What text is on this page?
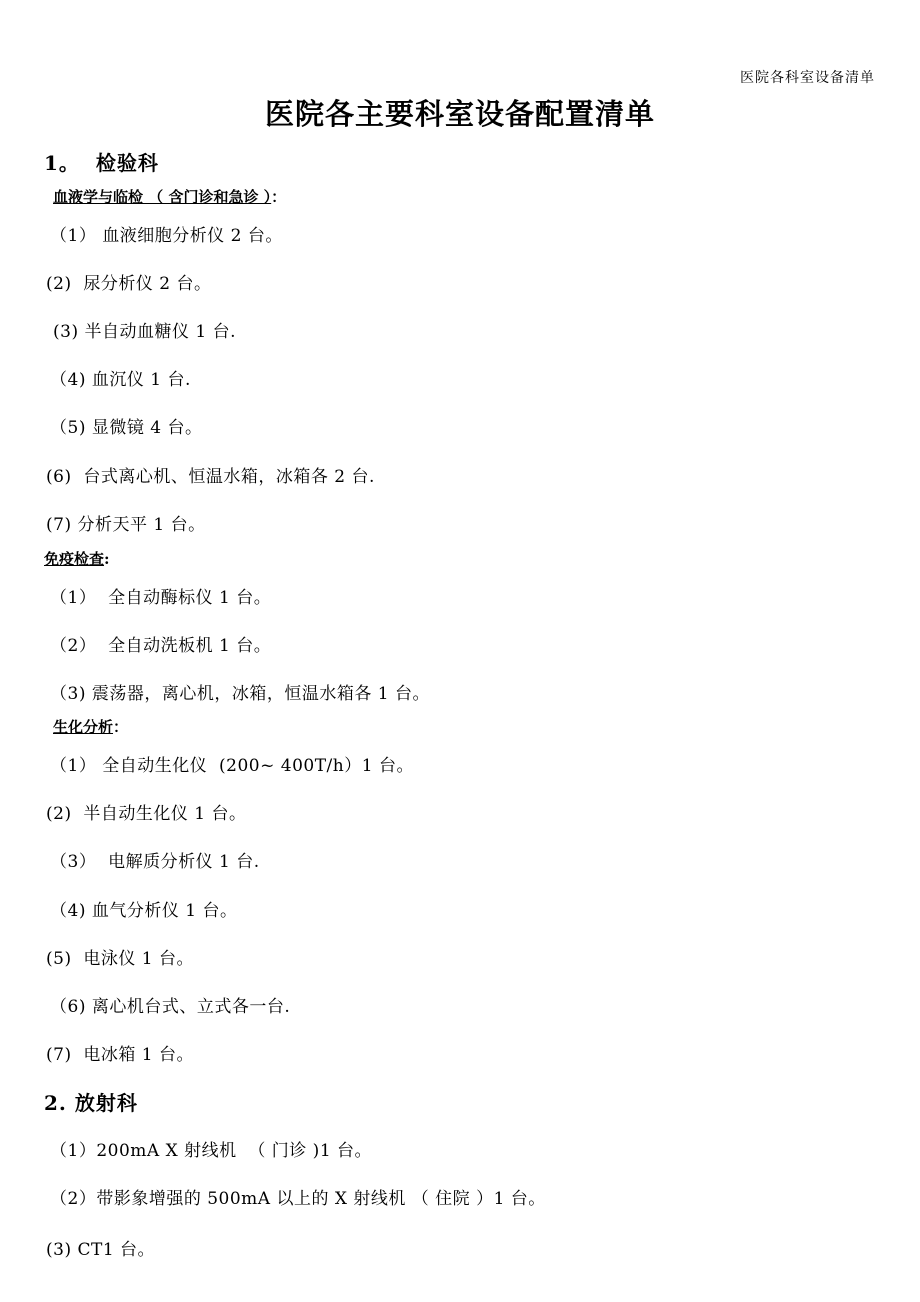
医院各科室设备清单
医院各主要科室设备配置清单
1。  检验科
血液学与临检 （ 含门诊和急诊 ）：
（1） 血液细胞分析仪 2 台。
(2)  尿分析仪 2 台。
(3) 半自动血糖仪 1 台.
（4) 血沉仪 1 台.
（5) 显微镜 4 台。
(6)  台式离心机、恒温水箱，冰箱各 2 台.
(7) 分析天平 1 台。
免疫检查:
（1）  全自动酶标仪 1 台。
（2）  全自动洗板机 1 台。
（3) 震荡器，离心机，冰箱，恒温水箱各 1 台。
生化分析：
（1） 全自动生化仪  (200~ 400T/h）1 台。
(2)  半自动生化仪 1 台。
（3）  电解质分析仪 1 台.
（4) 血气分析仪 1 台。
(5)  电泳仪 1 台。
（6) 离心机台式、立式各一台.
(7)  电冰箱 1 台。
2. 放射科
（1）200mA X 射线机  （ 门诊 )1 台。
（2）带影象增强的 500mA 以上的 X 射线机 （ 住院 ）1 台。
(3) CT1 台。
